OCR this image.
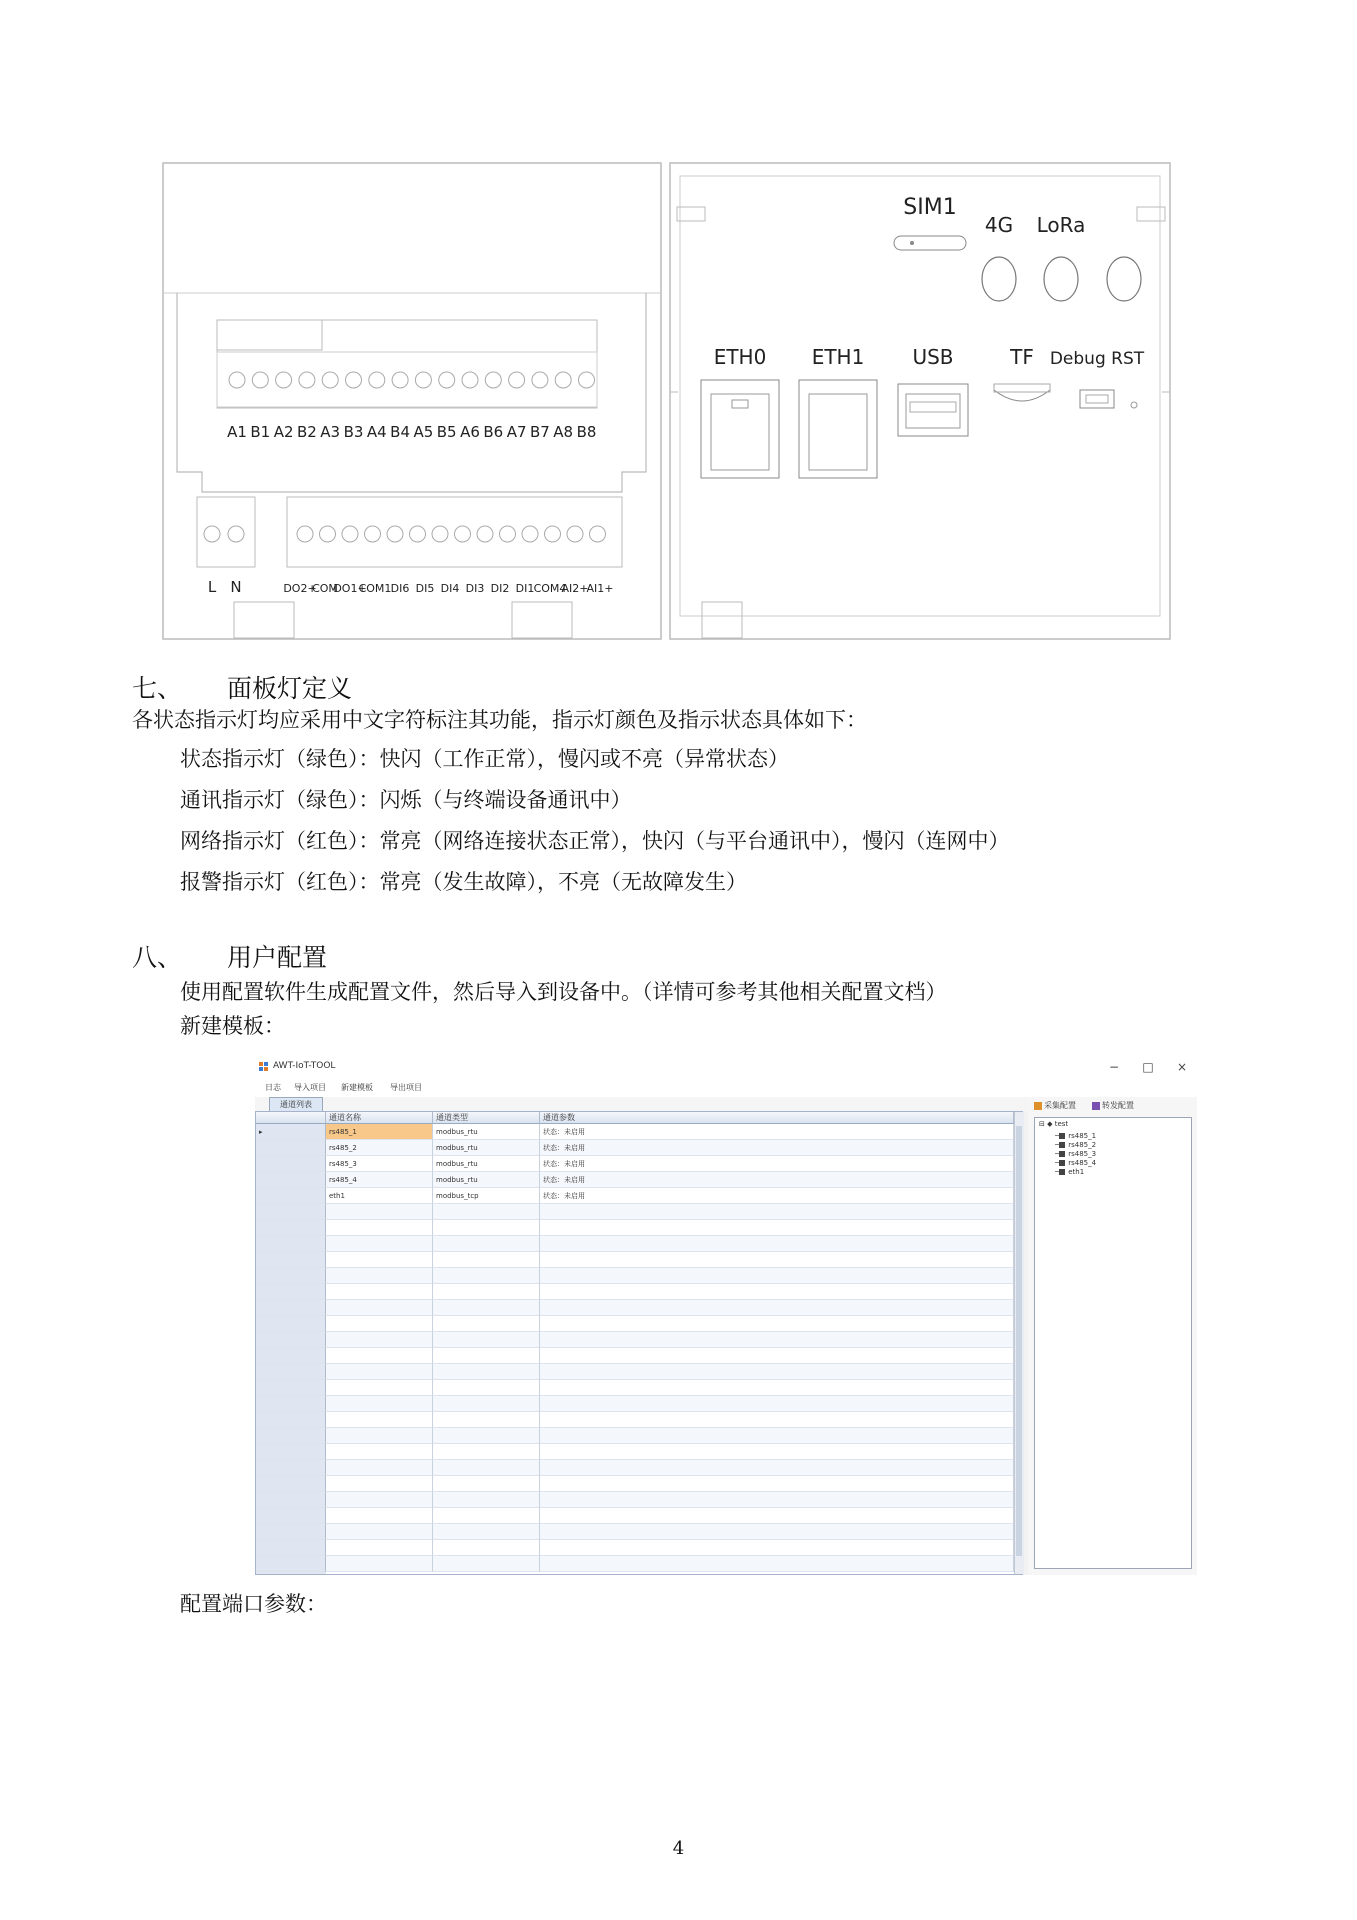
A1 B1 A2 B2 A3 B3 A4 B4 A5 B5 A6 B6 A7 B7 A8 B8
L N	DO2+
COM
DO1+
COM1 DI6 DI5 DI4 DI3 DI2 DI1 COM4
AI2+
AI1+
SIM1
4G LoRa
ETH0 ETH1 USB	TF Debug RST
七、 面板灯定义
各状态指示灯均应采用中文字符标注其功能，指示灯颜色及指示状态具体如下：
状态指示灯（绿色）：快闪（工作正常），慢闪或不亮（异常状态）
通讯指示灯（绿色）：闪烁（与终端设备通讯中）
网络指示灯（红色）：常亮（网络连接状态正常），快闪（与平台通讯中），慢闪（连网中）
报警指示灯（红色）：常亮（发生故障），不亮（无故障发生）
八、 用户配置
使用配置软件生成配置文件，然后导入到设备中。（详情可参考其他相关配置文档）
新建模板：
AWT-IoT-TOOL	−	□	×
日志 导入项目 新建模板 导出项目
通道列表
通道名称	通道类型	通道参数
▸	rs485_1	modbus_rtu	状态：未启用
rs485_2	modbus_rtu	状态：未启用
rs485_3	modbus_rtu	状态：未启用
rs485_4	modbus_rtu	状态：未启用
eth1	modbus_tcp	状态：未启用
采集配置	转发配置
⊟ ◆ test
─ rs485_1
─ rs485_2
─ rs485_3
─ rs485_4
─ eth1
配置端口参数：
4
